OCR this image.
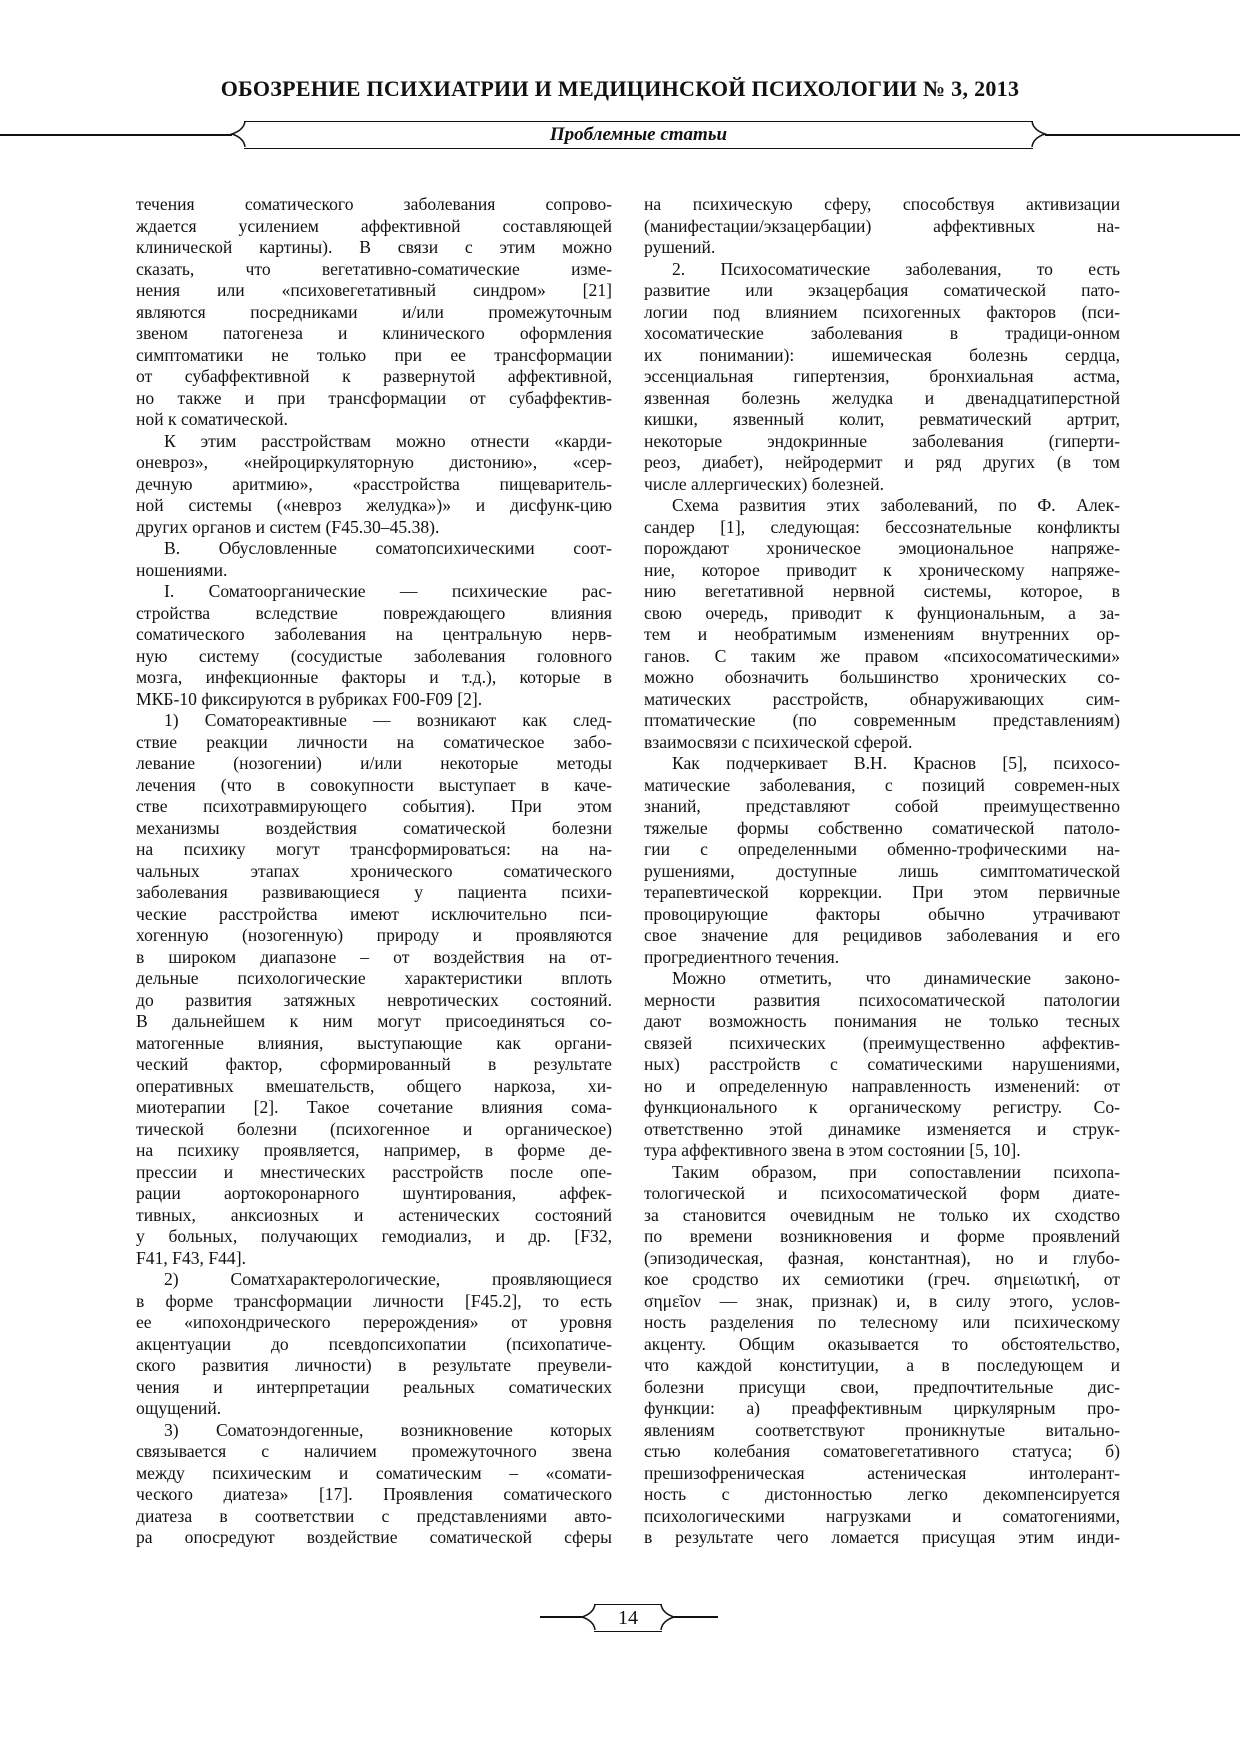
ОБОЗРЕНИЕ ПСИХИАТРИИ И МЕДИЦИНСКОЙ ПСИХОЛОГИИ № 3, 2013
Проблемные статьи
течения соматического заболевания сопрово-
ждается усилением аффективной составляющей
клинической картины). В связи с этим можно
сказать, что вегетативно-соматические изме-
нения или «психовегетативный синдром» [21]
являются посредниками и/или промежуточным
звеном патогенеза и клинического оформления
симптоматики не только при ее трансформации
от субаффективной к развернутой аффективной,
но также и при трансформации от субаффектив-
ной к соматической.
К этим расстройствам можно отнести «карди-
оневроз», «нейроциркуляторную дистонию», «сер-
дечную аритмию», «расстройства пищеваритель-
ной системы («невроз желудка»)» и дисфунк-цию
других органов и систем (F45.30–45.38).
В. Обусловленные соматопсихическими соот-
ношениями.
I. Соматоорганические — психические рас-
стройства вследствие повреждающего влияния
соматического заболевания на центральную нерв-
ную систему (сосудистые заболевания головного
мозга, инфекционные факторы и т.д.), которые в
МКБ-10 фиксируются в рубриках F00-F09 [2].
1) Соматореактивные — возникают как след-
ствие реакции личности на соматическое забо-
левание (нозогении) и/или некоторые методы
лечения (что в совокупности выступает в каче-
стве психотравмирующего события). При этом
механизмы воздействия соматической болезни
на психику могут трансформироваться: на на-
чальных этапах хронического соматического
заболевания развивающиеся у пациента психи-
ческие расстройства имеют исключительно пси-
хогенную (нозогенную) природу и проявляются
в широком диапазоне – от воздействия на от-
дельные психологические характеристики вплоть
до развития затяжных невротических состояний.
В дальнейшем к ним могут присоединяться со-
матогенные влияния, выступающие как органи-
ческий фактор, сформированный в результате
оперативных вмешательств, общего наркоза, хи-
миотерапии [2]. Такое сочетание влияния сома-
тической болезни (психогенное и органическое)
на психику проявляется, например, в форме де-
прессии и мнестических расстройств после опе-
рации аортокоронарного шунтирования, аффек-
тивных, анксиозных и астенических состояний
у больных, получающих гемодиализ, и др. [F32,
F41, F43, F44].
2) Соматхарактерологические, проявляющиеся
в форме трансформации личности [F45.2], то есть
ее «ипохондрического перерождения» от уровня
акцентуации до псевдопсихопатии (психопатиче-
ского развития личности) в результате преувели-
чения и интерпретации реальных соматических
ощущений.
3) Соматоэндогенные, возникновение которых
связывается с наличием промежуточного звена
между психическим и соматическим – «сомати-
ческого диатеза» [17]. Проявления соматического
диатеза в соответствии с представлениями авто-
ра опосредуют воздействие соматической сферы
на психическую сферу, способствуя активизации
(манифестации/экзацербации) аффективных на-
рушений.
2. Психосоматические заболевания, то есть
развитие или экзацербация соматической пато-
логии под влиянием психогенных факторов (пси-
хосоматические заболевания в традици-онном
их понимании): ишемическая болезнь сердца,
эссенциальная гипертензия, бронхиальная астма,
язвенная болезнь желудка и двенадцатиперстной
кишки, язвенный колит, ревматический артрит,
некоторые эндокринные заболевания (гиперти-
реоз, диабет), нейродермит и ряд других (в том
числе аллергических) болезней.
Схема развития этих заболеваний, по Ф. Алек-
сандер [1], следующая: бессознательные конфликты
порождают хроническое эмоциональное напряже-
ние, которое приводит к хроническому напряже-
нию вегетативной нервной системы, которое, в
свою очередь, приводит к фунциональным, а за-
тем и необратимым изменениям внутренних ор-
ганов. С таким же правом «психосоматическими»
можно обозначить большинство хронических со-
матических расстройств, обнаруживающих сим-
птоматические (по современным представлениям)
взаимосвязи с психической сферой.
Как подчеркивает В.Н. Краснов [5], психосо-
матические заболевания, с позиций современ-ных
знаний, представляют собой преимущественно
тяжелые формы собственно соматической патоло-
гии с определенными обменно-трофическими на-
рушениями, доступные лишь симптоматической
терапевтической коррекции. При этом первичные
провоцирующие факторы обычно утрачивают
свое значение для рецидивов заболевания и его
прогредиентного течения.
Можно отметить, что динамические законо-
мерности развития психосоматической патологии
дают возможность понимания не только тесных
связей психических (преимущественно аффектив-
ных) расстройств с соматическими нарушениями,
но и определенную направленность изменений: от
функционального к органическому регистру. Со-
ответственно этой динамике изменяется и струк-
тура аффективного звена в этом состоянии [5, 10].
Таким образом, при сопоставлении психопа-
тологической и психосоматической форм диате-
за становится очевидным не только их сходство
по времени возникновения и форме проявлений
(эпизодическая, фазная, константная), но и глубо-
кое сродство их семиотики (греч. σημειωτική, от
σημεῖον — знак, признак) и, в силу этого, услов-
ность разделения по телесному или психическому
акценту. Общим оказывается то обстоятельство,
что каждой конституции, а в последующем и
болезни присущи свои, предпочтительные дис-
функции: а) преаффективным циркулярным про-
явлениям соответствуют проникнутые витально-
стью колебания соматовегетативного статуса; б)
прешизофреническая астеническая интолерант-
ность с дистонностью легко декомпенсируется
психологическими нагрузками и соматогениями,
в результате чего ломается присущая этим инди-
14
